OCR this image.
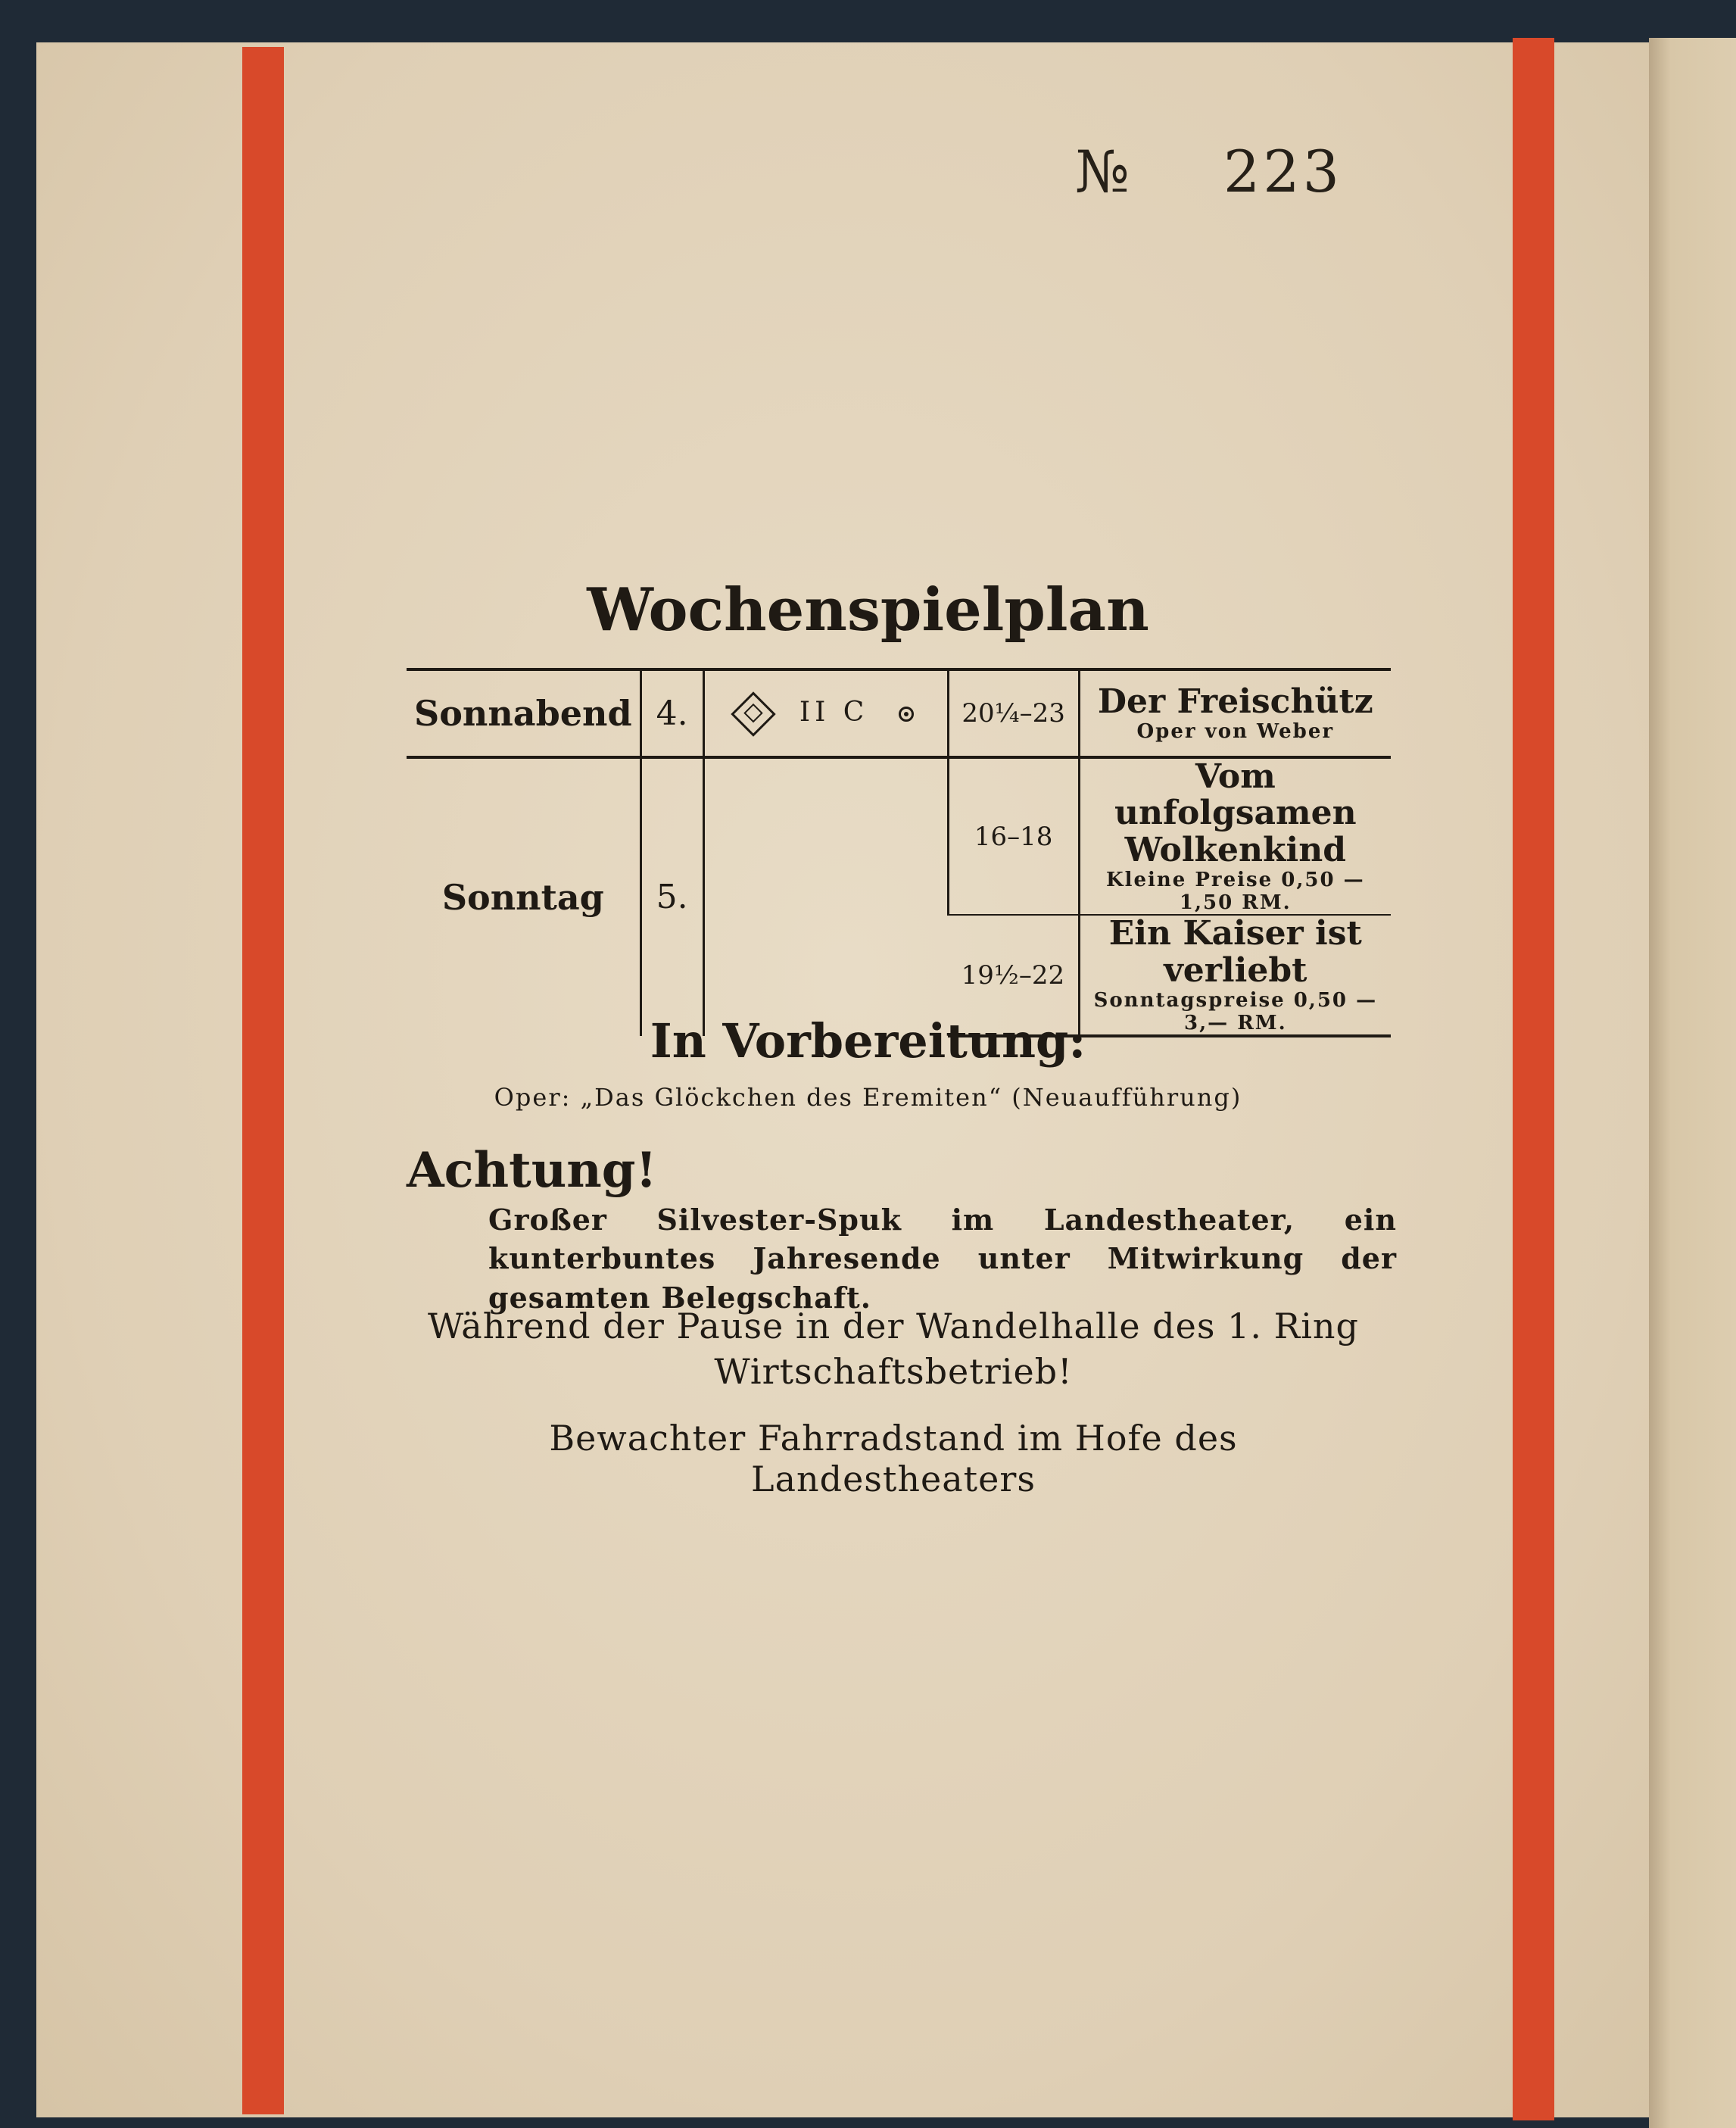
№ 223
Wochenspielplan
Sonnabend	4.	II C	20¼–23	Der Freischütz
Oper von Weber

Sonntag	5.		16–18	Vom unfolgsamen Wolkenkind
Kleine Preise 0,50 — 1,50 RM.

			19½–22	Ein Kaiser ist verliebt
Sonntagspreise 0,50 — 3,— RM.
In Vorbereitung:
Oper: „Das Glöckchen des Eremiten“ (Neuaufführung)
Achtung!
Großer Silvester-Spuk im Landestheater, ein kunterbuntes Jahresende unter Mitwirkung der gesamten Belegschaft.
Während der Pause in der Wandelhalle des 1. Ring Wirtschaftsbetrieb!
Bewachter Fahrradstand im Hofe des Landestheaters
